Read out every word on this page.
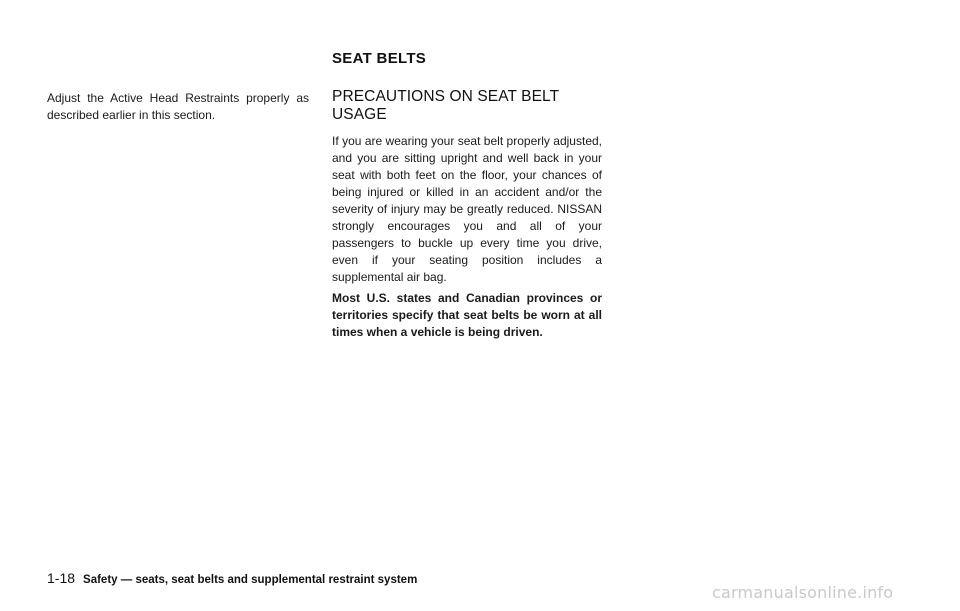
SEAT BELTS

Adjust the Active Head Restraints properly as described earlier in this section.

PRECAUTIONS ON SEAT BELT USAGE

If you are wearing your seat belt properly adjusted, and you are sitting upright and well back in your seat with both feet on the floor, your chances of being injured or killed in an accident and/or the severity of injury may be greatly reduced. NISSAN strongly encourages you and all of your passengers to buckle up every time you drive, even if your seating position includes a supplemental air bag.

Most U.S. states and Canadian provinces or territories specify that seat belts be worn at all times when a vehicle is being driven.

1-18 Safety — seats, seat belts and supplemental restraint system
carmanualsonline.info
